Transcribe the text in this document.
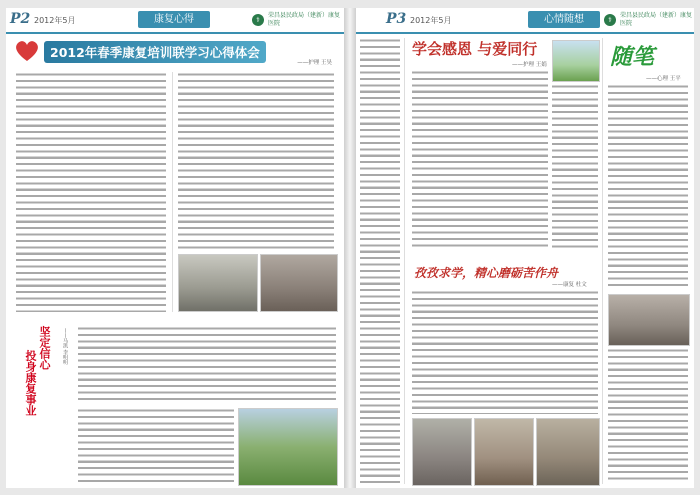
P2 2012年5月	康复心得	⚕
荣昌县民政局（建新）康复医院
2012年春季康复培训联学习心得体会
——护理 王昊
坚定信心
投身康复事业
——马凯 李明明
P3 2012年5月	心情随想	⚕
荣昌县民政局（建新）康复医院
学会感恩 与爱同行
——护理 王娟
孜孜求学，精心磨砺苦作舟
——康复 杜文
随笔
——心理 王平
